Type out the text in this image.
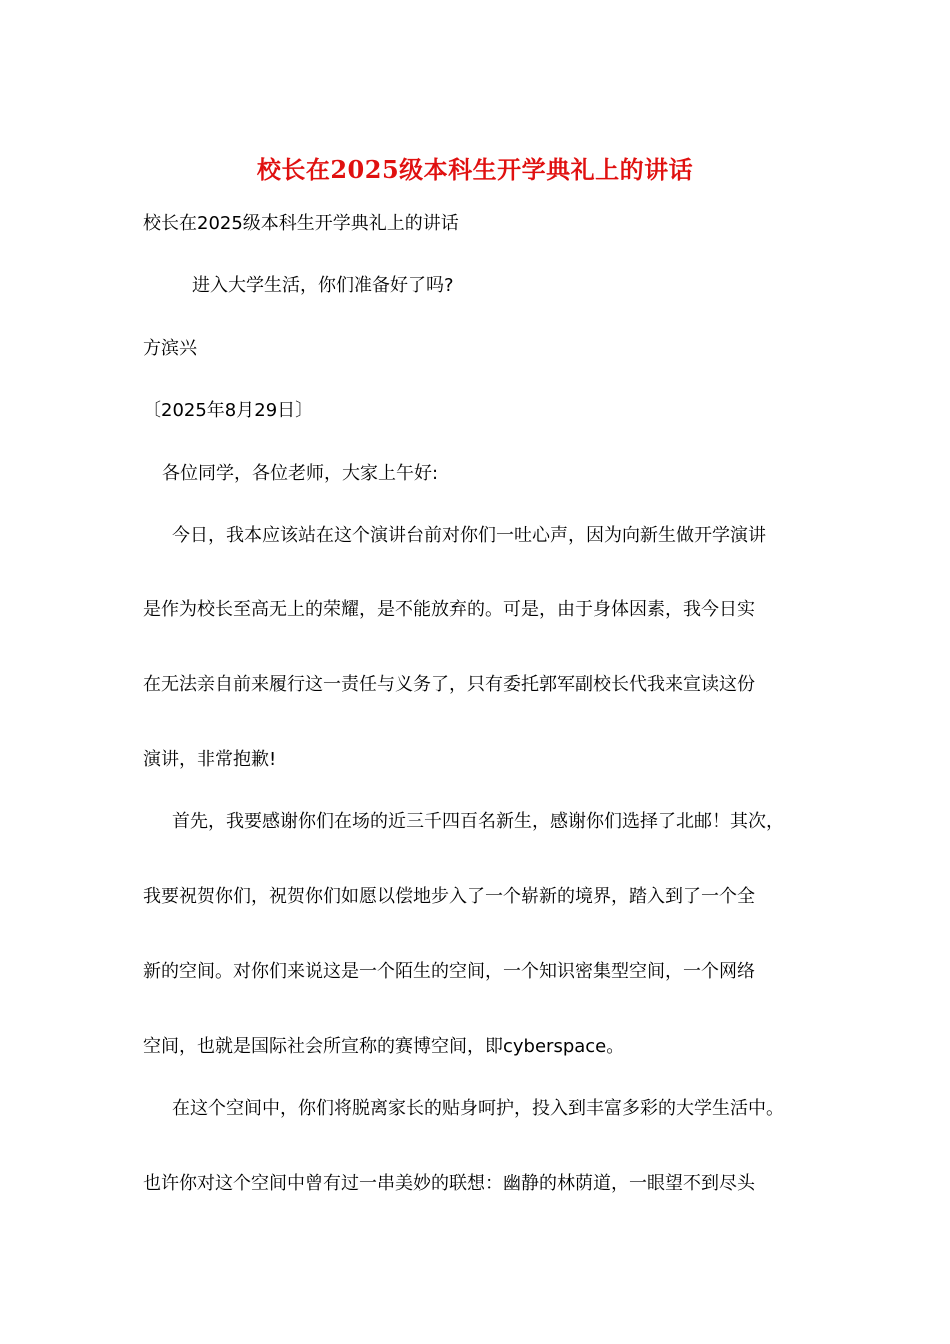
校长在2025级本科生开学典礼上的讲话
校长在2025级本科生开学典礼上的讲话
进入大学生活，你们准备好了吗?
方滨兴
〔2025年8月29日〕
各位同学，各位老师，大家上午好:
今日，我本应该站在这个演讲台前对你们一吐心声，因为向新生做开学演讲
是作为校长至高无上的荣耀，是不能放弃的。可是，由于身体因素，我今日实
在无法亲自前来履行这一责任与义务了，只有委托郭军副校长代我来宣读这份
演讲，非常抱歉!
首先，我要感谢你们在场的近三千四百名新生，感谢你们选择了北邮！其次，
我要祝贺你们，祝贺你们如愿以偿地步入了一个崭新的境界，踏入到了一个全
新的空间。对你们来说这是一个陌生的空间，一个知识密集型空间，一个网络
空间，也就是国际社会所宣称的赛博空间，即cyberspace。
在这个空间中，你们将脱离家长的贴身呵护，投入到丰富多彩的大学生活中。
也许你对这个空间中曾有过一串美妙的联想：幽静的林荫道，一眼望不到尽头
